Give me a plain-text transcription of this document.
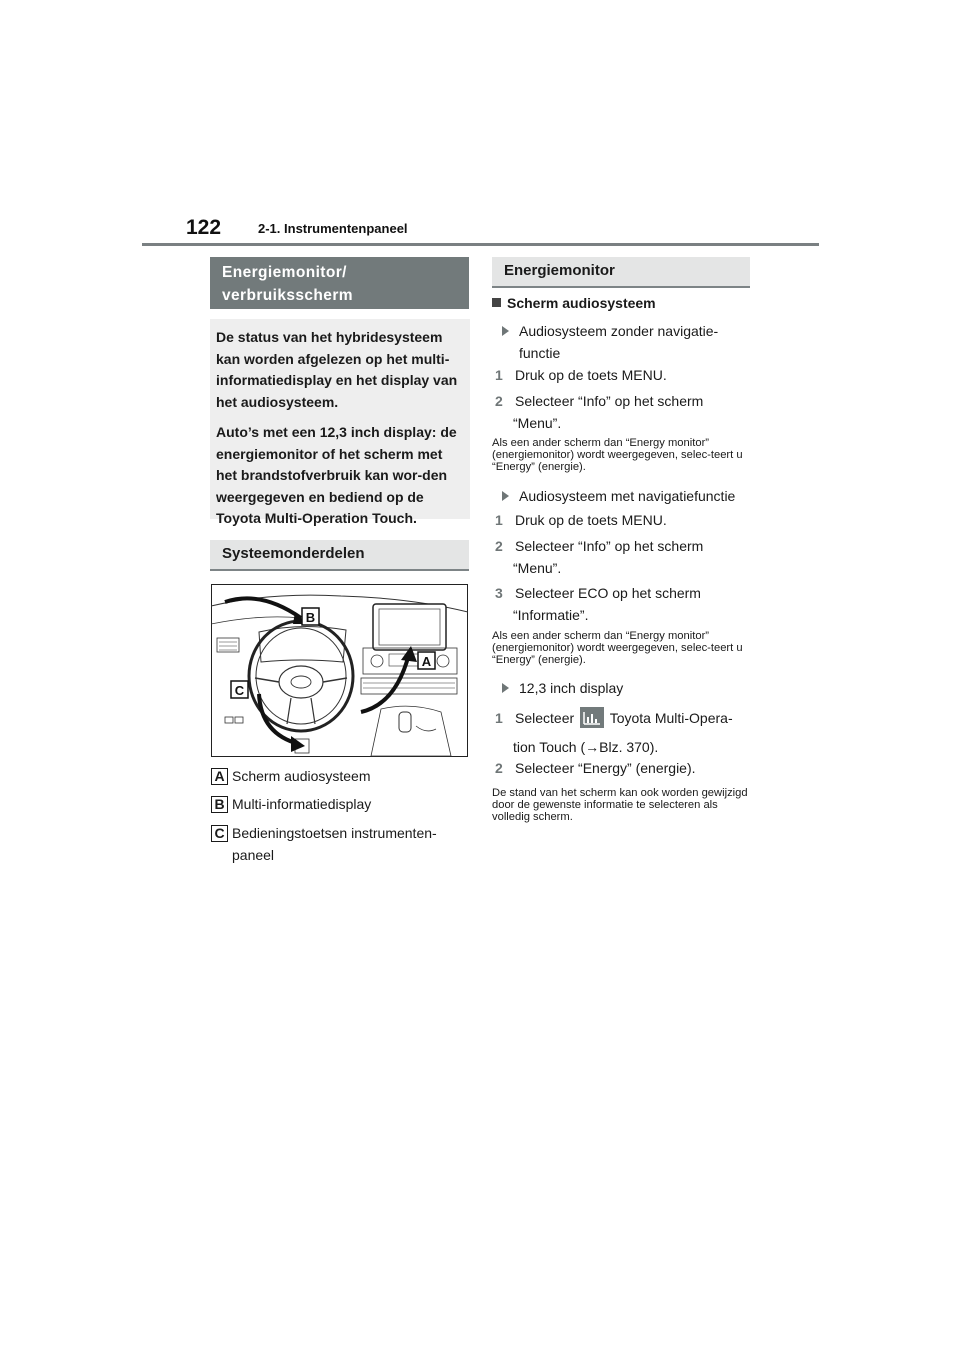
122	2-1. Instrumentenpaneel
Energiemonitor/
verbruiksscherm

De status van het hybridesysteem kan worden afgelezen op het multi-informatiedisplay en het display van het audiosysteem.

Auto’s met een 12,3 inch display: de energiemonitor of het scherm met het brandstofverbruik kan wor-den weergegeven en bediend op de Toyota Multi-Operation Touch.

Systeemonderdelen
B
A
C
A Scherm audiosysteem
B Multi-informatiedisplay
C Bedieningstoetsen instrumenten-
paneel
Energiemonitor
Scherm audiosysteem
Audiosysteem zonder navigatie-
functie
1 Druk op de toets MENU.
2 Selecteer “Info” op het scherm
“Menu”.
Als een ander scherm dan “Energy monitor” (energiemonitor) wordt weergegeven, selec-teert u “Energy” (energie).
Audiosysteem met navigatiefunctie
1 Druk op de toets MENU.
2 Selecteer “Info” op het scherm
“Menu”.
3 Selecteer ECO op het scherm
“Informatie”.
Als een ander scherm dan “Energy monitor” (energiemonitor) wordt weergegeven, selec-teert u “Energy” (energie).
12,3 inch display
1 Selecteer	Toyota Multi-Opera-
tion Touch (→Blz. 370).
2 Selecteer “Energy” (energie).
De stand van het scherm kan ook worden gewijzigd door de gewenste informatie te selecteren als volledig scherm.
